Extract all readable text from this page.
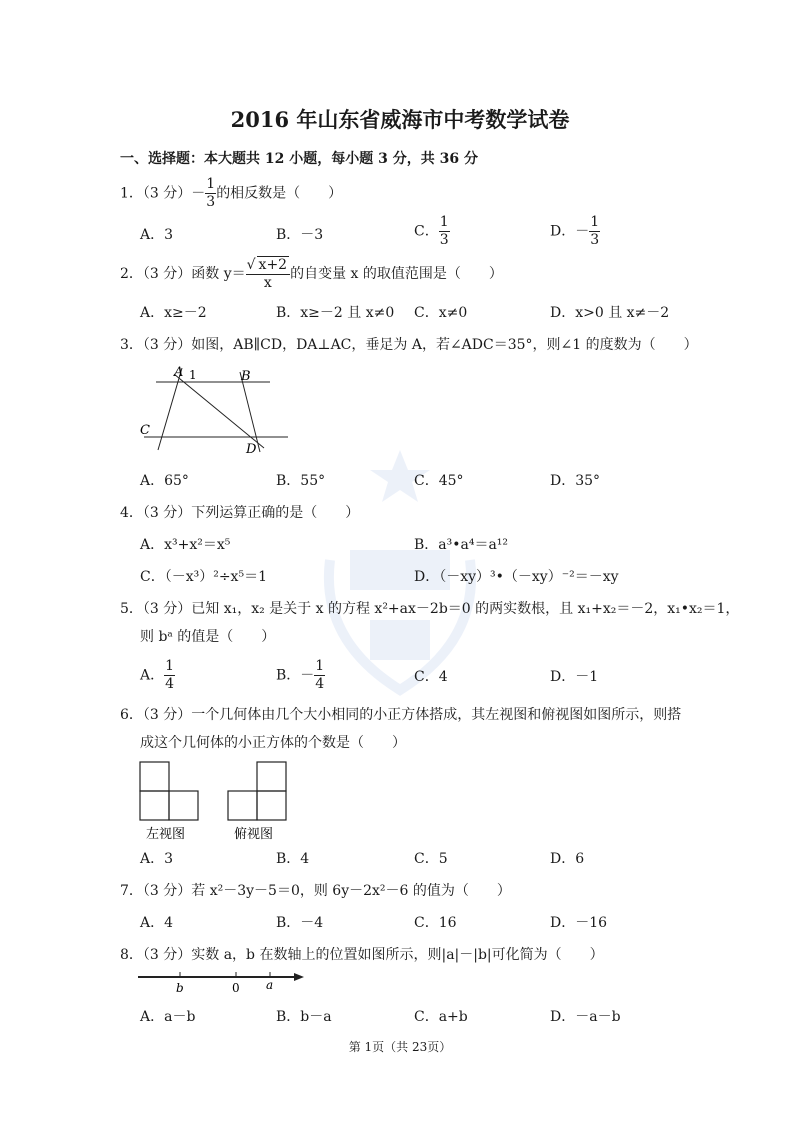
2016 年山东省威海市中考数学试卷
一、选择题：本大题共 12 小题，每小题 3 分，共 36 分
1．（3 分）－ $\frac{1}{3}$ 的相反数是（　　）
A．3	B．－3	C． $\frac{1}{3}$	D．－ $\frac{1}{3}$
2．（3 分）函数 $y= \frac{√ x+2}{x}$ 的自变量 x 的取值范围是（　　）
A．x≥－2	B．x≥－2 且 x≠0 C．x≠0	D．x>0 且 x≠－2
3．（3 分）如图，AB∥CD，DA⊥AC，垂足为 A，若∠ADC＝35°，则∠1 的度数为（　　）
A 1	B
C
D
A．65°	B．55°	C．45°	D．35°
4．（3 分）下列运算正确的是（　　）
A．x³+x²＝x⁵	B．a³•a⁴＝a¹²
C．（－x³）²÷x⁵＝1	D．（－xy）³•（－xy）⁻²＝－xy
5．（3 分）已知 x₁，x₂ 是关于 x 的方程 x²+ax－2b＝0 的两实数根，且 x₁+x₂＝－2，x₁•x₂＝1，
则 bᵃ 的值是（　　）
A． $\frac{1}{4}$	B．－ $\frac{1}{4}$	C．4	D．－1
6．（3 分）一个几何体由几个大小相同的小正方体搭成，其左视图和俯视图如图所示，则搭
成这个几何体的小正方体的个数是（　　）
左视图	俯视图
A．3	B．4	C．5	D．6
7．（3 分）若 x²－3y－5＝0，则 6y－2x²－6 的值为（　　）
A．4	B．－4	C．16	D．－16
8．（3 分）实数 a，b 在数轴上的位置如图所示，则|a|－|b|可化简为（　　）
b	0 a
A．a－b	B．b－a	C．a+b	D．－a－b
第 1页（共 23页）
